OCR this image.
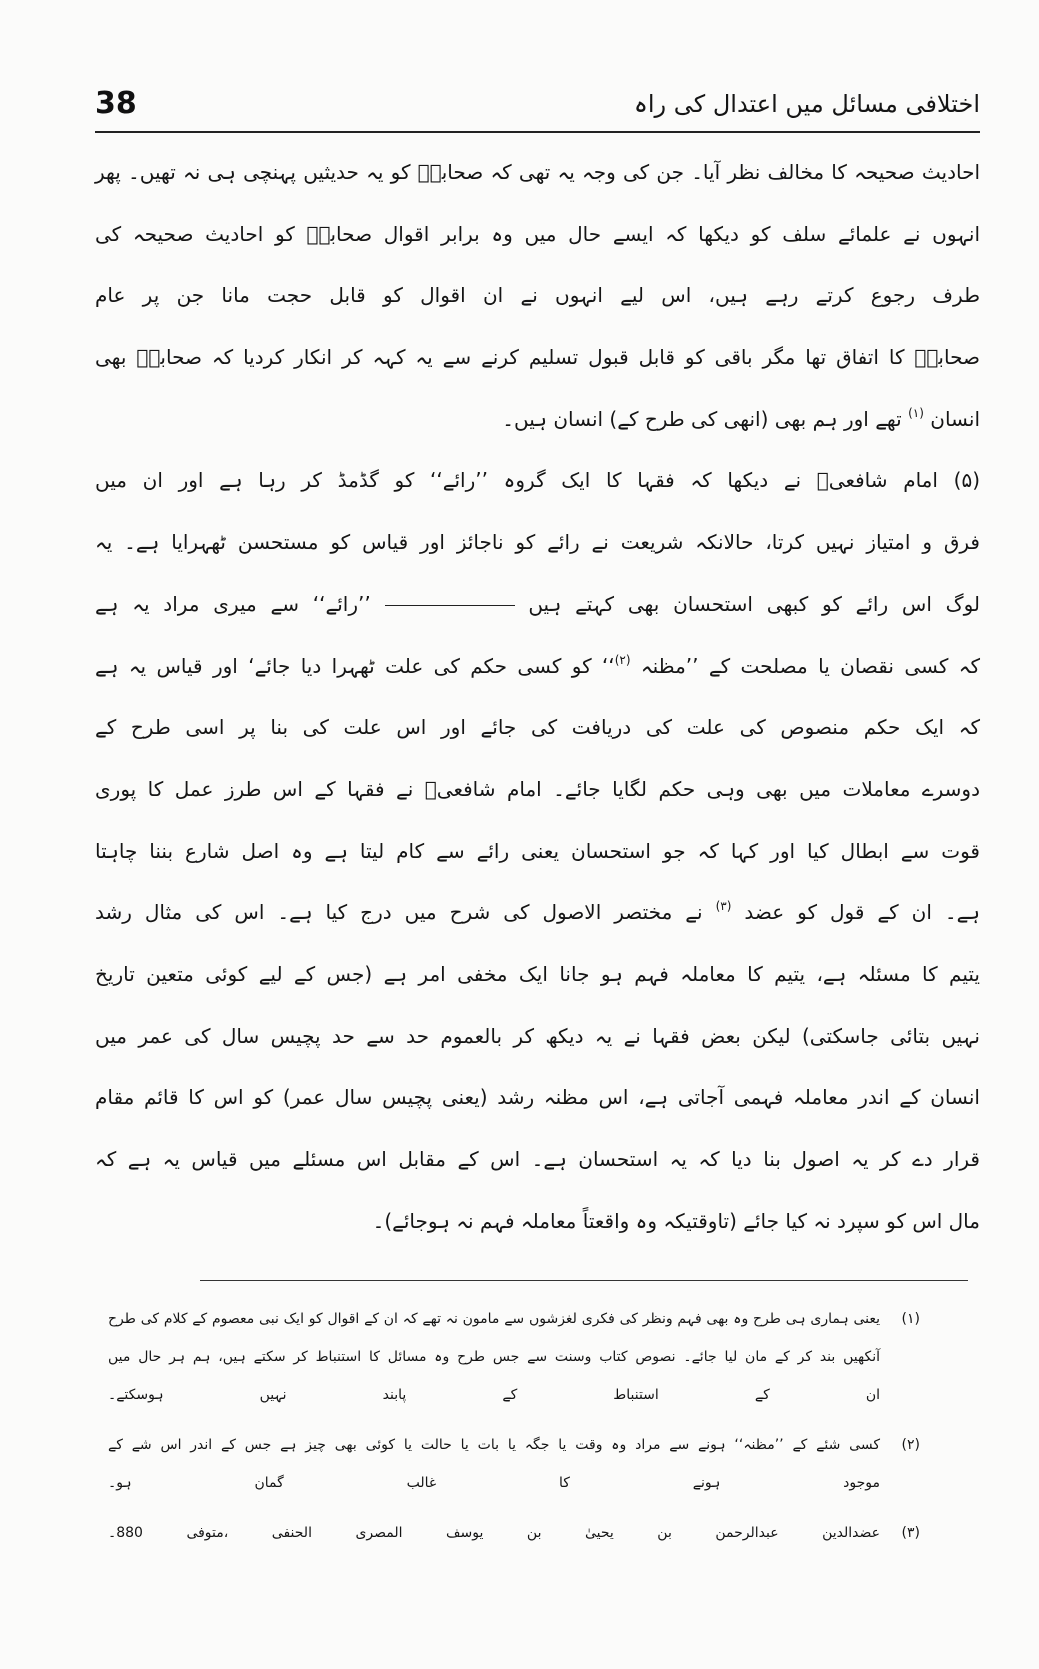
38	اختلافی مسائل میں اعتدال کی راہ
احادیث صحیحہ کا مخالف نظر آیا۔ جن کی وجہ یہ تھی کہ صحابہؓ کو یہ حدیثیں پہنچی ہی نہ تھیں۔ پھر
انہوں نے علمائے سلف کو دیکھا کہ ایسے حال میں وہ برابر اقوال صحابہؓ کو احادیث صحیحہ کی
طرف رجوع کرتے رہے ہیں، اس لیے انہوں نے ان اقوال کو قابل حجت مانا جن پر عام
صحابہؓ کا اتفاق تھا مگر باقی کو قابل قبول تسلیم کرنے سے یہ کہہ کر انکار کردیا کہ صحابہؓ بھی
انسان $^{(۱)}$ تھے اور ہم بھی (انھی کی طرح کے) انسان ہیں۔
(۵) امام شافعیؒ نے دیکھا کہ فقہا کا ایک گروہ ’’رائے‘‘ کو گڈمڈ کر رہا ہے اور ان میں
فرق و امتیاز نہیں کرتا، حالانکہ شریعت نے رائے کو ناجائز اور قیاس کو مستحسن ٹھہرایا ہے۔ یہ
لوگ اس رائے کو کبھی استحسان بھی کہتے ہیں  ’’رائے‘‘ سے میری مراد یہ ہے
کہ کسی نقصان یا مصلحت کے ’’مظنہ $^{(۲)}$‘‘ کو کسی حکم کی علت ٹھہرا دیا جائے‘ اور قیاس یہ ہے
کہ ایک حکم منصوص کی علت کی دریافت کی جائے اور اس علت کی بنا پر اسی طرح کے
دوسرے معاملات میں بھی وہی حکم لگایا جائے۔ امام شافعیؒ نے فقہا کے اس طرز عمل کا پوری
قوت سے ابطال کیا اور کہا کہ جو استحسان یعنی رائے سے کام لیتا ہے وہ اصل شارع بننا چاہتا
ہے۔ ان کے قول کو عضد $^{(۳)}$ نے مختصر الاصول کی شرح میں درج کیا ہے۔ اس کی مثال رشد
یتیم کا مسئلہ ہے، یتیم کا معاملہ فہم ہو جانا ایک مخفی امر ہے (جس کے لیے کوئی متعین تاریخ
نہیں بتائی جاسکتی) لیکن بعض فقہا نے یہ دیکھ کر بالعموم حد سے حد پچیس سال کی عمر میں
انسان کے اندر معاملہ فہمی آجاتی ہے، اس مظنہ رشد (یعنی پچیس سال عمر) کو اس کا قائم مقام
قرار دے کر یہ اصول بنا دیا کہ یہ استحسان ہے۔ اس کے مقابل اس مسئلے میں قیاس یہ ہے کہ
مال اس کو سپرد نہ کیا جائے (تاوقتیکہ وہ واقعتاً معاملہ فہم نہ ہوجائے)۔
(۱)
یعنی ہماری ہی طرح وہ بھی فہم ونظر کی فکری لغزشوں سے مامون نہ تھے کہ ان کے اقوال کو ایک نبی معصوم کے کلام کی طرح
آنکھیں بند کر کے مان لیا جائے۔ نصوص کتاب وسنت سے جس طرح وہ مسائل کا استنباط کر سکتے ہیں، ہم ہر حال میں
ان کے استنباط کے پابند نہیں ہوسکتے۔
(۲)
کسی شئے کے ’’مظنہ‘‘ ہونے سے مراد وہ وقت یا جگہ یا بات یا حالت یا کوئی بھی چیز ہے جس کے اندر اس شے کے
موجود ہونے کا غالب گمان ہو۔
(۳)
عضدالدین عبدالرحمن بن یحییٰ بن یوسف المصری الحنفی ،متوفی 880۔
